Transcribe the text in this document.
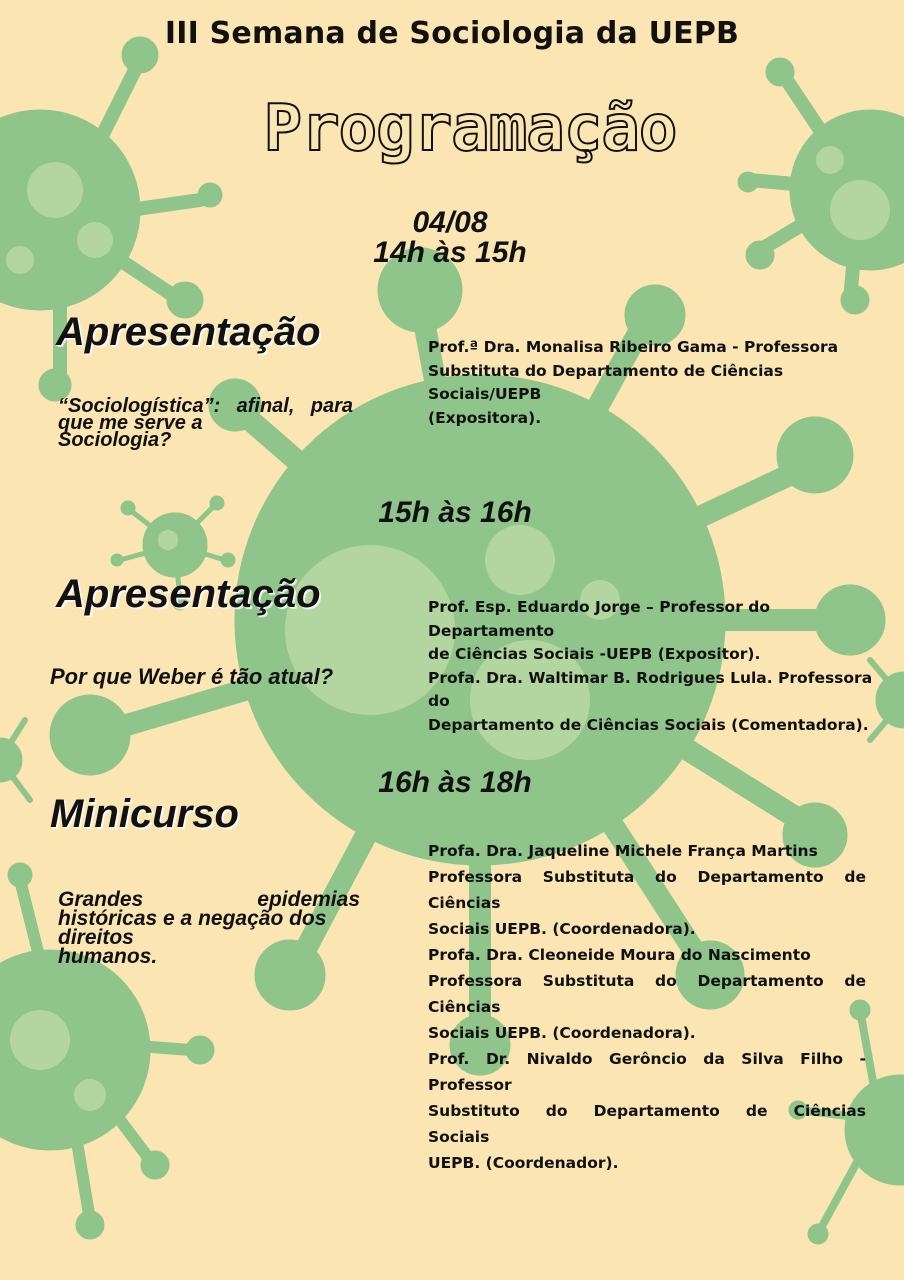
III Semana de Sociologia da UEPB
Programação
04/08
14h às 15h
Apresentação
“Sociologística”: afinal, para
que me serve a
Sociologia?
Prof.ª Dra. Monalisa Ribeiro Gama - Professora
Substituta do Departamento de Ciências Sociais/UEPB
(Expositora).
15h às 16h
Apresentação
Por que Weber é tão atual?
Prof. Esp. Eduardo Jorge – Professor do Departamento
de Ciências Sociais -UEPB (Expositor).
Profa. Dra. Waltimar B. Rodrigues Lula. Professora do
Departamento de Ciências Sociais (Comentadora).
16h às 18h
Minicurso
Grandes epidemias
históricas e a negação dos
direitos
humanos.
Profa. Dra. Jaqueline Michele França Martins
Professora Substituta do Departamento de
Ciências
Sociais UEPB. (Coordenadora).
Profa. Dra. Cleoneide Moura do Nascimento
Professora Substituta do Departamento de
Ciências
Sociais UEPB. (Coordenadora).
Prof. Dr. Nivaldo Gerôncio da Silva Filho -
Professor
Substituto do Departamento de Ciências
Sociais
UEPB. (Coordenador).
